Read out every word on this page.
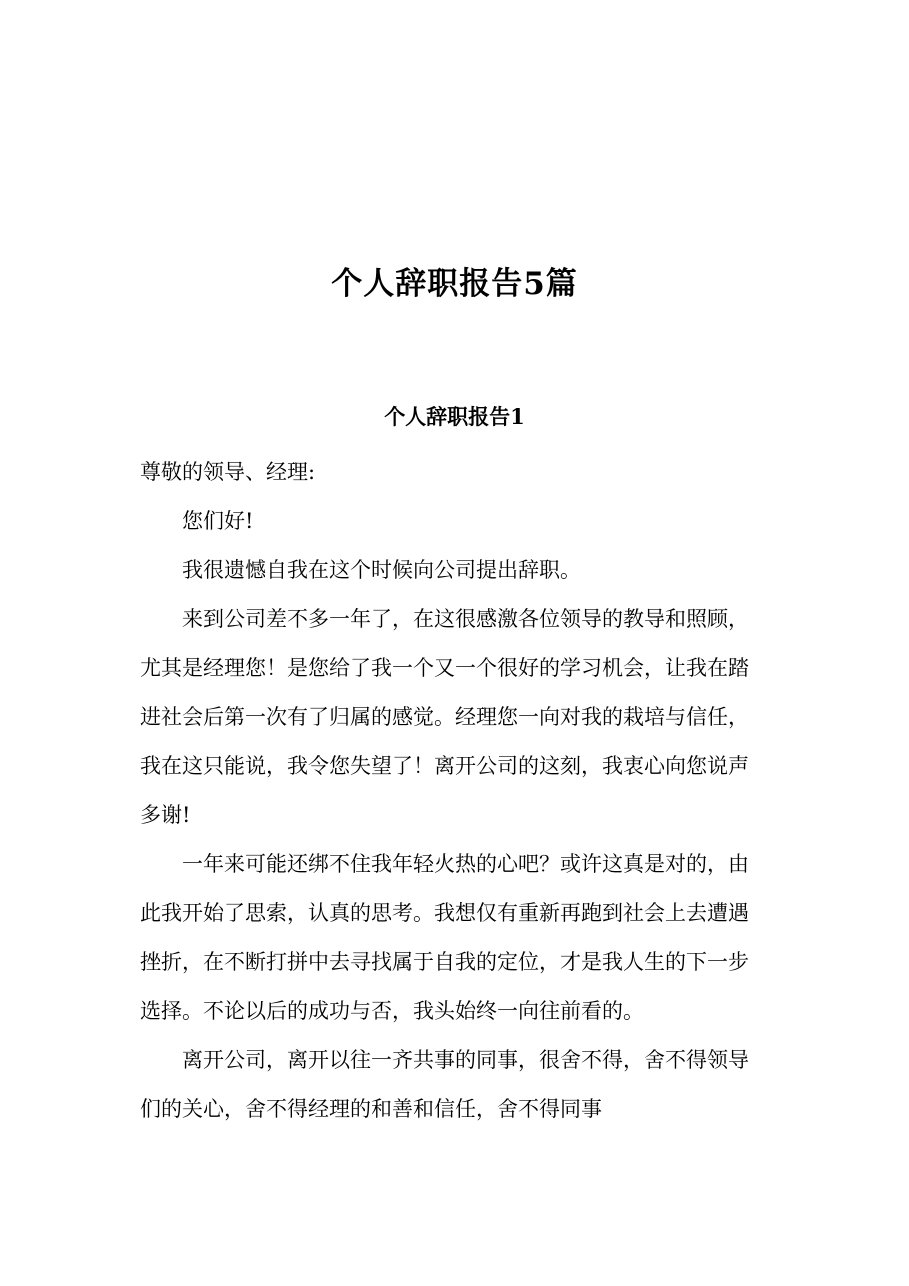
个人辞职报告5篇
个人辞职报告1

尊敬的领导、经理:

您们好!

我很遗憾自我在这个时候向公司提出辞职。

来到公司差不多一年了，在这很感激各位领导的教导和照顾，尤其是经理您！是您给了我一个又一个很好的学习机会，让我在踏进社会后第一次有了归属的感觉。经理您一向对我的栽培与信任，我在这只能说，我令您失望了！离开公司的这刻，我衷心向您说声多谢!

一年来可能还绑不住我年轻火热的心吧？或许这真是对的，由此我开始了思索，认真的思考。我想仅有重新再跑到社会上去遭遇挫折，在不断打拼中去寻找属于自我的定位，才是我人生的下一步选择。不论以后的成功与否，我头始终一向往前看的。

离开公司，离开以往一齐共事的同事，很舍不得，舍不得领导们的关心，舍不得经理的和善和信任，舍不得同事
